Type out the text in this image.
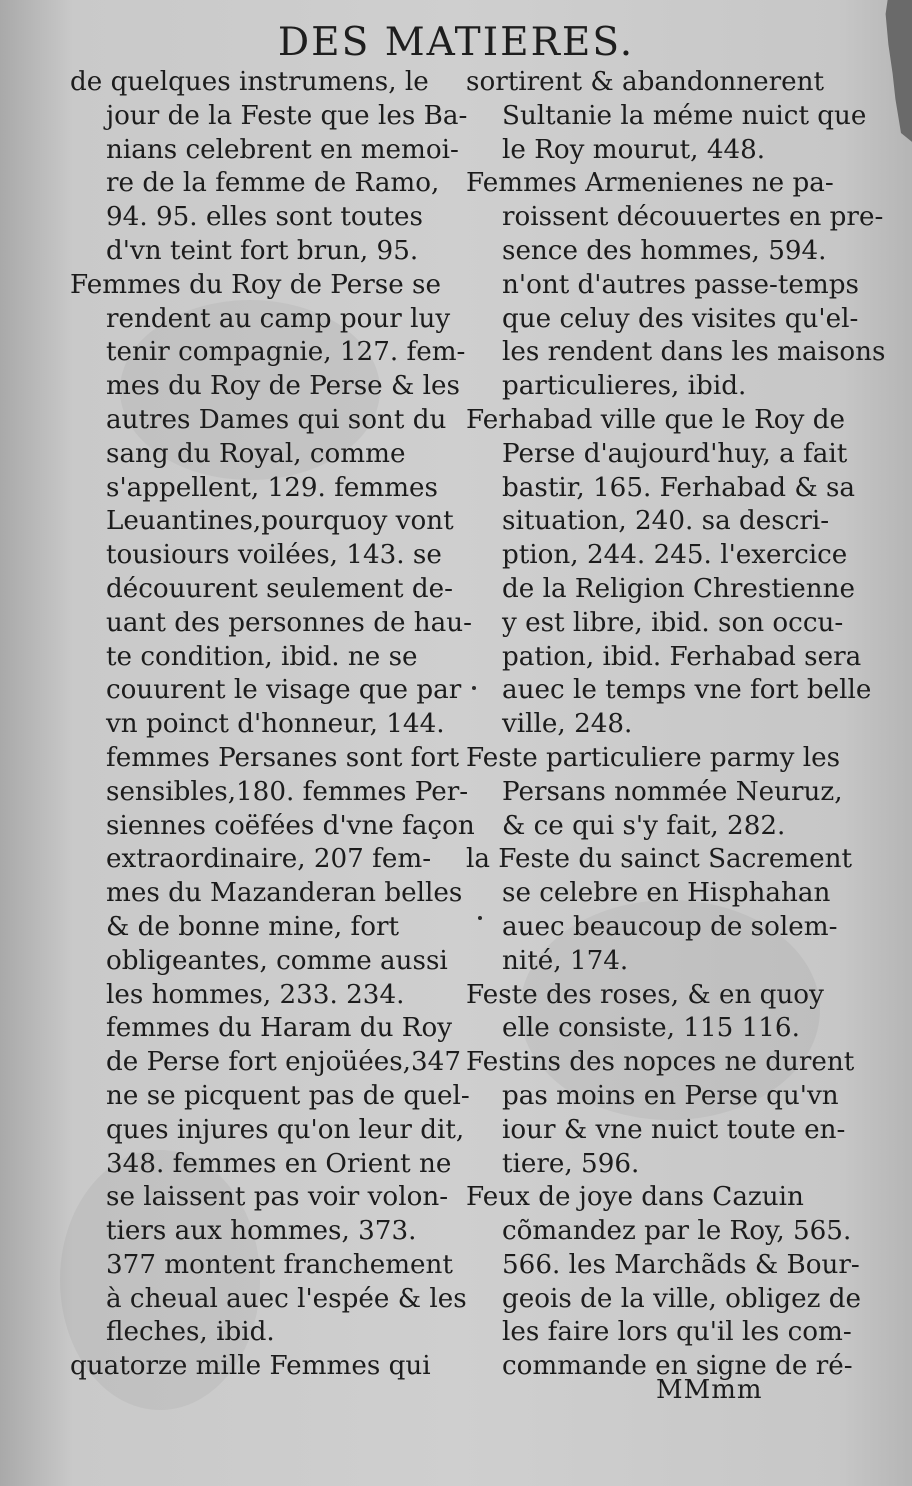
DES MATIERES.
de quelques instrumens, le
jour de la Feste que les Ba-
nians celebrent en memoi-
re de la femme de Ramo,
94. 95. elles sont toutes
d'vn teint fort brun, 95.
Femmes du Roy de Perse se
rendent au camp pour luy
tenir compagnie, 127. fem-
mes du Roy de Perse & les
autres Dames qui sont du
sang du Royal, comme
s'appellent, 129. femmes
Leuantines,pourquoy vont
tousiours voilées, 143. se
découurent seulement de-
uant des personnes de hau-
te condition, ibid. ne se
couurent le visage que par
vn poinct d'honneur, 144.
femmes Persanes sont fort
sensibles,180. femmes Per-
siennes coëfées d'vne façon
extraordinaire, 207 fem-
mes du Mazanderan belles
& de bonne mine, fort
obligeantes, comme aussi
les hommes, 233. 234.
femmes du Haram du Roy
de Perse fort enjoüées,347
ne se picquent pas de quel-
ques injures qu'on leur dit,
348. femmes en Orient ne
se laissent pas voir volon-
tiers aux hommes, 373.
377 montent franchement
à cheual auec l'espée & les
fleches, ibid.
quatorze mille Femmes qui
sortirent & abandonnerent
Sultanie la méme nuict que
le Roy mourut, 448.
Femmes Armenienes ne pa-
roissent découuertes en pre-
sence des hommes, 594.
n'ont d'autres passe-temps
que celuy des visites qu'el-
les rendent dans les maisons
particulieres, ibid.
Ferhabad ville que le Roy de
Perse d'aujourd'huy, a fait
bastir, 165. Ferhabad & sa
situation, 240. sa descri-
ption, 244. 245. l'exercice
de la Religion Chrestienne
y est libre, ibid. son occu-
pation, ibid. Ferhabad sera
auec le temps vne fort belle
ville, 248.
Feste particuliere parmy les
Persans nommée Neuruz,
& ce qui s'y fait, 282.
la Feste du sainct Sacrement
se celebre en Hisphahan
auec beaucoup de solem-
nité, 174.
Feste des roses, & en quoy
elle consiste, 115 116.
Festins des nopces ne durent
pas moins en Perse qu'vn
iour & vne nuict toute en-
tiere, 596.
Feux de joye dans Cazuin
cõmandez par le Roy, 565.
566. les Marchãds & Bour-
geois de la ville, obligez de
les faire lors qu'il les com-
commande en signe de ré-
MMmm
